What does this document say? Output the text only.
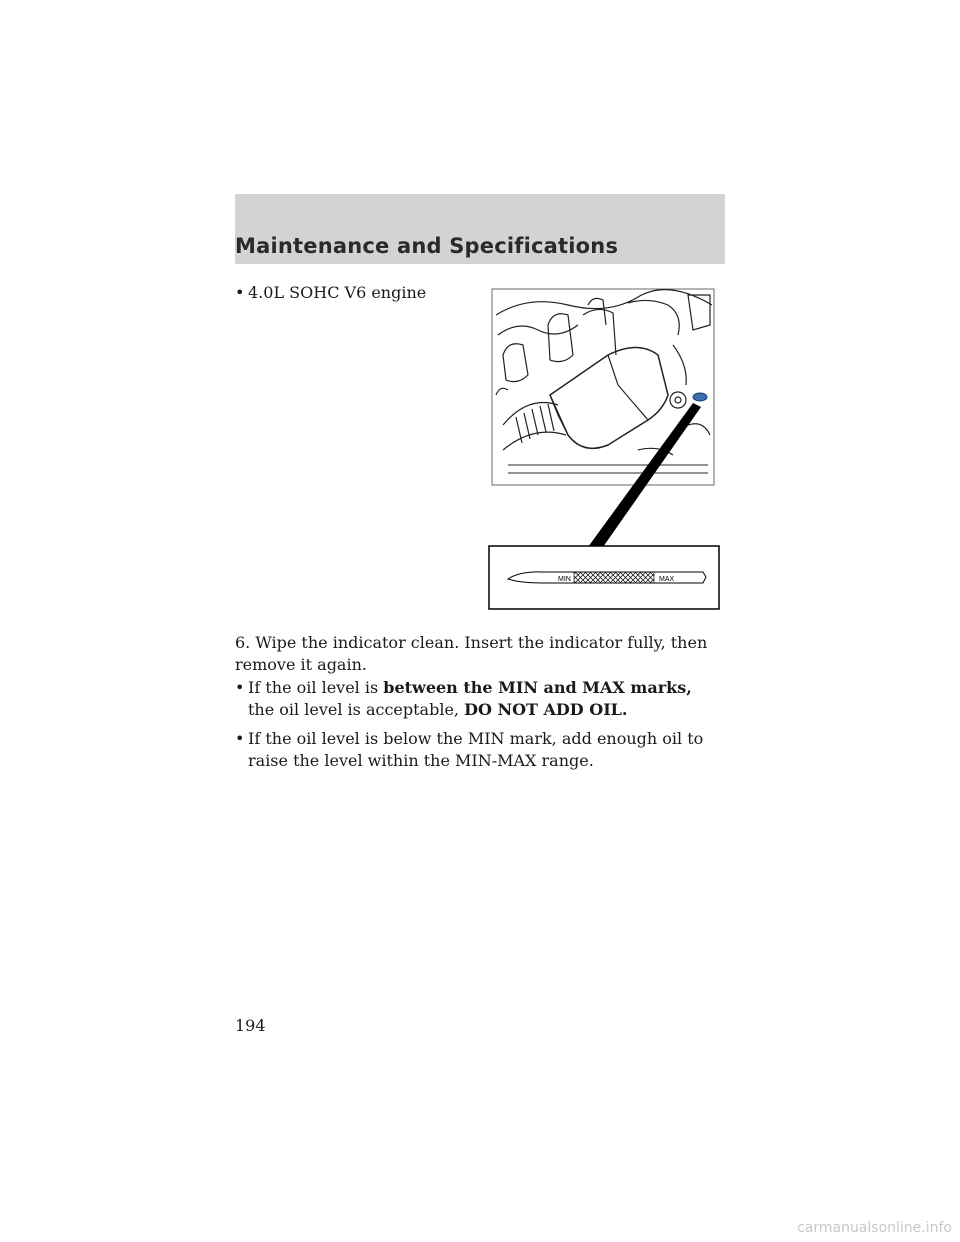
Maintenance and Specifications
• 4.0L SOHC V6 engine
MIN	MAX
6. Wipe the indicator clean. Insert the indicator fully, then remove it again.
• If the oil level is between the MIN and MAX marks, the oil level is acceptable, DO NOT ADD OIL.
• If the oil level is below the MIN mark, add enough oil to raise the level within the MIN-MAX range.
194
carmanualsonline.info
